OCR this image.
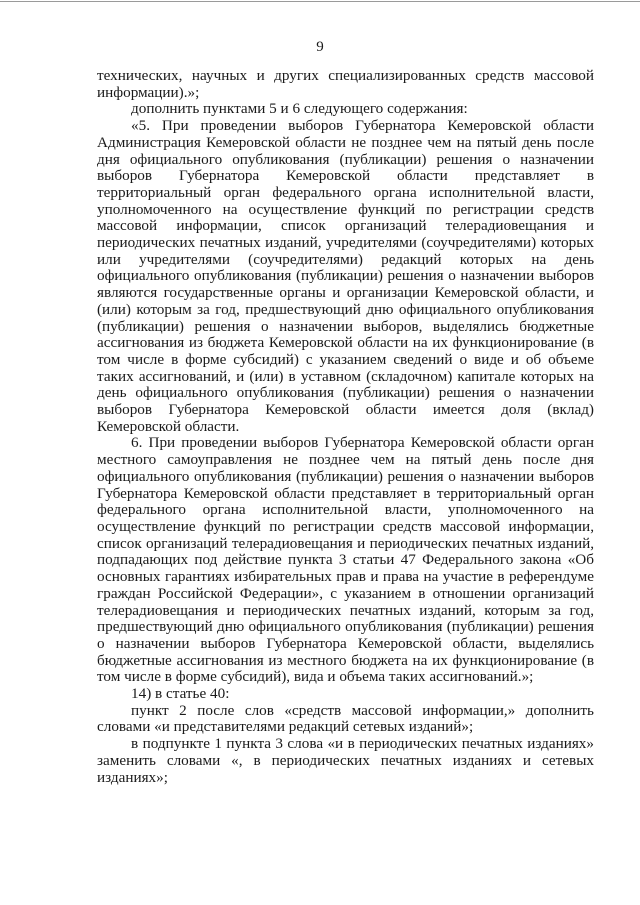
9

технических, научных и других специализированных средств массовой информации).»;

дополнить пунктами 5 и 6 следующего содержания:

«5. При проведении выборов Губернатора Кемеровской области Администрация Кемеровской области не позднее чем на пятый день после дня официального опубликования (публикации) решения о назначении выборов Губернатора Кемеровской области представляет в территориальный орган федерального органа исполнительной власти, уполномоченного на осуществление функций по регистрации средств массовой информации, список организаций телерадиовещания и периодических печатных изданий, учредителями (соучредителями) которых или учредителями (соучредителями) редакций которых на день официального опубликования (публикации) решения о назначении выборов являются государственные органы и организации Кемеровской области, и (или) которым за год, предшествующий дню официального опубликования (публикации) решения о назначении выборов, выделялись бюджетные ассигнования из бюджета Кемеровской области на их функционирование (в том числе в форме субсидий) с указанием сведений о виде и об объеме таких ассигнований, и (или) в уставном (складочном) капитале которых на день официального опубликования (публикации) решения о назначении выборов Губернатора Кемеровской области имеется доля (вклад) Кемеровской области.

6. При проведении выборов Губернатора Кемеровской области орган местного самоуправления не позднее чем на пятый день после дня официального опубликования (публикации) решения о назначении выборов Губернатора Кемеровской области представляет в территориальный орган федерального органа исполнительной власти, уполномоченного на осуществление функций по регистрации средств массовой информации, список организаций телерадиовещания и периодических печатных изданий, подпадающих под действие пункта 3 статьи 47 Федерального закона «Об основных гарантиях избирательных прав и права на участие в референдуме граждан Российской Федерации», с указанием в отношении организаций телерадиовещания и периодических печатных изданий, которым за год, предшествующий дню официального опубликования (публикации) решения о назначении выборов Губернатора Кемеровской области, выделялись бюджетные ассигнования из местного бюджета на их функционирование (в том числе в форме субсидий), вида и объема таких ассигнований.»;

14) в статье 40:

пункт 2 после слов «средств массовой информации,» дополнить словами «и представителями редакций сетевых изданий»;

в подпункте 1 пункта 3 слова «и в периодических печатных изданиях» заменить словами «, в периодических печатных изданиях и сетевых изданиях»;
